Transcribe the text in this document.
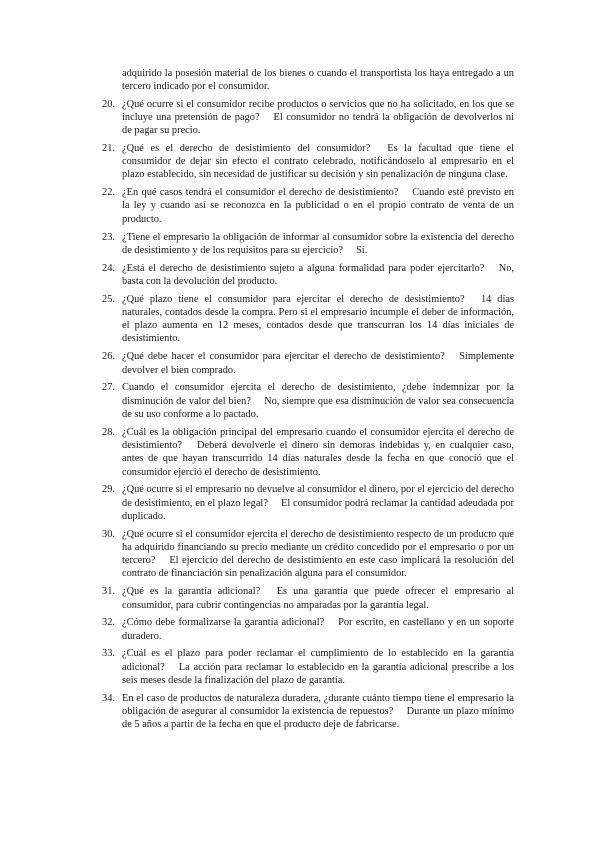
adquirido la posesión material de los bienes o cuando el transportista los haya entregado a un tercero indicado por el consumidor.

20. ¿Qué ocurre si el consumidor recibe productos o servicios que no ha solicitado, en los que se incluye una pretensión de pago?  El consumidor no tendrá la obligación de devolverlos ni de pagar su precio.
21. ¿Qué es el derecho de desistimiento del consumidor?  Es la facultad que tiene el consumidor de dejar sin efecto el contrato celebrado, notificándoselo al empresario en el plazo establecido, sin necesidad de justificar su decisión y sin penalización de ninguna clase.
22. ¿En qué casos tendrá el consumidor el derecho de desistimiento?  Cuando esté previsto en la ley y cuando así se reconozca en la publicidad o en el propio contrato de venta de un producto.
23. ¿Tiene el empresario la obligación de informar al consumidor sobre la existencia del derecho de desistimiento y de los requisitos para su ejercicio?  Sí.
24. ¿Está el derecho de desistimiento sujeto a alguna formalidad para poder ejercitarlo?  No, basta con la devolución del producto.
25. ¿Qué plazo tiene el consumidor para ejercitar el derecho de desistimiento?  14 días naturales, contados desde la compra. Pero si el empresario incumple el deber de información, el plazo aumenta en 12 meses, contados desde que transcurran los 14 días iniciales de desistimiento.
26. ¿Qué debe hacer el consumidor para ejercitar el derecho de desistimiento?  Simplemente devolver el bien comprado.
27. Cuando el consumidor ejercita el derecho de desistimiento, ¿debe indemnizar por la disminución de valor del bien?  No, siempre que esa disminución de valor sea consecuencia de su uso conforme a lo pactado.
28. ¿Cuál es la obligación principal del empresario cuando el consumidor ejercita el derecho de desistimiento?  Deberá devolverle el dinero sin demoras indebidas y, en cualquier caso, antes de que hayan transcurrido 14 días naturales desde la fecha en que conoció que el consumidor ejerció el derecho de desistimiento.
29. ¿Qué ocurre si el empresario no devuelve al consumidor el dinero, por el ejercicio del derecho de desistimiento, en el plazo legal?  El consumidor podrá reclamar la cantidad adeudada por duplicado.
30. ¿Qué ocurre si el consumidor ejercita el derecho de desistimiento respecto de un producto que ha adquirido financiando su precio mediante un crédito concedido por el empresario o por un tercero?  El ejercicio del derecho de desistimiento en este caso implicará la resolución del contrato de financiación sin penalización alguna para el consumidor.
31. ¿Qué es la garantía adicional?  Es una garantía que puede ofrecer el empresario al consumidor, para cubrir contingencias no amparadas por la garantía legal.
32. ¿Cómo debe formalizarse la garantía adicional?  Por escrito, en castellano y en un soporte duradero.
33. ¿Cuál es el plazo para poder reclamar el cumplimiento de lo establecido en la garantía adicional?  La acción para reclamar lo establecido en la garantía adicional prescribe a los seis meses desde la finalización del plazo de garantía.
34. En el caso de productos de naturaleza duradera, ¿durante cuánto tiempo tiene el empresario la obligación de asegurar al consumidor la existencia de repuestos?  Durante un plazo mínimo de 5 años a partir de la fecha en que el producto deje de fabricarse.
